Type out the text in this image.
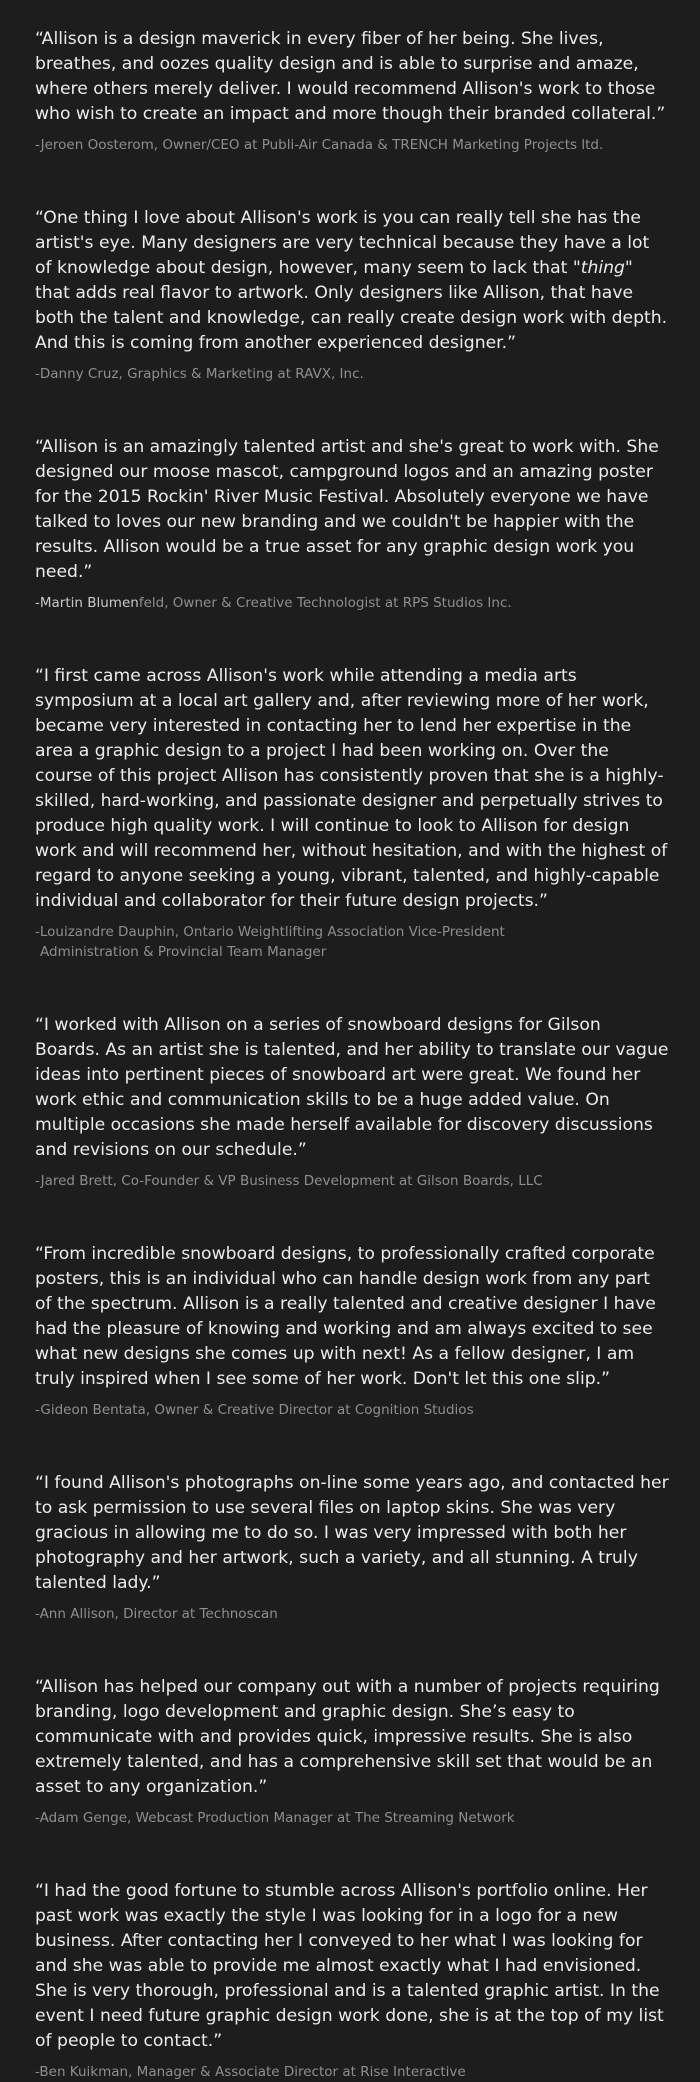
“Allison is a design maverick in every fiber of her being. She lives, breathes, and oozes quality design and is able to surprise and amaze, where others merely deliver. I would recommend Allison's work to those who wish to create an impact and more though their branded collateral.”

-Jeroen Oosterom, Owner/CEO at Publi-Air Canada & TRENCH Marketing Projects ltd.

“One thing I love about Allison's work is you can really tell she has the artist's eye. Many designers are very technical because they have a lot of knowledge about design, however, many seem to lack that "thing" that adds real flavor to artwork. Only designers like Allison, that have both the talent and knowledge, can really create design work with depth. And this is coming from another experienced designer.”

-Danny Cruz, Graphics & Marketing at RAVX, Inc.

“Allison is an amazingly talented artist and she's great to work with. She designed our moose mascot, campground logos and an amazing poster for the 2015 Rockin' River Music Festival. Absolutely everyone we have talked to loves our new branding and we couldn't be happier with the results. Allison would be a true asset for any graphic design work you need.”

-Martin Blumenfeld, Owner & Creative Technologist at RPS Studios Inc.

“I first came across Allison's work while attending a media arts symposium at a local art gallery and, after reviewing more of her work, became very interested in contacting her to lend her expertise in the area a graphic design to a project I had been working on. Over the course of this project Allison has consistently proven that she is a highly-skilled, hard-working, and passionate designer and perpetually strives to produce high quality work. I will continue to look to Allison for design work and will recommend her, without hesitation, and with the highest of regard to anyone seeking a young, vibrant, talented, and highly-capable individual and collaborator for their future design projects.”

-Louizandre Dauphin, Ontario Weightlifting Association Vice-President
Administration & Provincial Team Manager

“I worked with Allison on a series of snowboard designs for Gilson Boards. As an artist she is talented, and her ability to translate our vague ideas into pertinent pieces of snowboard art were great. We found her work ethic and communication skills to be a huge added value. On multiple occasions she made herself available for discovery discussions and revisions on our schedule.”

-Jared Brett, Co-Founder & VP Business Development at Gilson Boards, LLC

“From incredible snowboard designs, to professionally crafted corporate posters, this is an individual who can handle design work from any part of the spectrum. Allison is a really talented and creative designer I have had the pleasure of knowing and working and am always excited to see what new designs she comes up with next! As a fellow designer, I am truly inspired when I see some of her work. Don't let this one slip.”

-Gideon Bentata, Owner & Creative Director at Cognition Studios

“I found Allison's photographs on-line some years ago, and contacted her to ask permission to use several files on laptop skins. She was very gracious in allowing me to do so. I was very impressed with both her photography and her artwork, such a variety, and all stunning. A truly talented lady.”

-Ann Allison, Director at Technoscan

“Allison has helped our company out with a number of projects requiring branding, logo development and graphic design. She’s easy to communicate with and provides quick, impressive results. She is also extremely talented, and has a comprehensive skill set that would be an asset to any organization.”

-Adam Genge, Webcast Production Manager at The Streaming Network

“I had the good fortune to stumble across Allison's portfolio online. Her past work was exactly the style I was looking for in a logo for a new business. After contacting her I conveyed to her what I was looking for and she was able to provide me almost exactly what I had envisioned. She is very thorough, professional and is a talented graphic artist. In the event I need future graphic design work done, she is at the top of my list of people to contact.”

-Ben Kuikman, Manager & Associate Director at Rise Interactive
